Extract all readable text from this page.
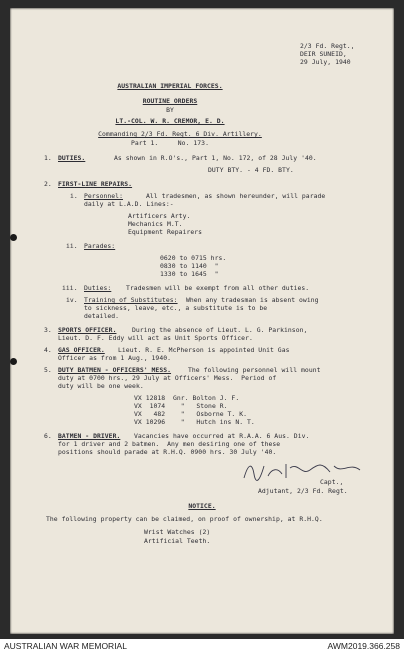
2/3 Fd. Regt.,
DEIR SUNEID,
29 July, 1940
AUSTRALIAN IMPERIAL FORCES.
ROUTINE ORDERS
BY
LT.-COL. W. R. CREMOR, E. D.
Commanding 2/3 Fd. Regt. 6 Div. Artillery.
Part 1.     No. 173.
1. DUTIES.	As shown in R.O's., Part 1, No. 172, of 28 July '40.
DUTY BTY. - 4 FD. BTY.
2. FIRST-LINE REPAIRS.
i. Personnel:	All tradesmen, as shown hereunder, will parade
daily at L.A.D. Lines:-
Artificers Arty.
Mechanics M.T.
Equipment Repairers
ii. Parades:
0620 to 0715 hrs.
0830 to 1140  "
1330 to 1645  "
iii. Duties: Tradesmen will be exempt from all other duties.
iv. Training of Substitutes: When any tradesman is absent owing
to sickness, leave, etc., a substitute is to be
detailed.
3. SPORTS OFFICER. During the absence of Lieut. L. G. Parkinson,
Lieut. D. F. Eddy will act as Unit Sports Officer.
4. GAS OFFICER. Lieut. R. E. McPherson is appointed Unit Gas
Officer as from 1 Aug., 1940.
5. DUTY BATMEN - OFFICERS' MESS.	The following personnel will mount
duty at 0700 hrs., 29 July at Officers' Mess.  Period of
duty will be one week.
VX 12818  Gnr. Bolton J. F.
VX  1074    "   Stone R.
VX   482    "   Osborne T. K.
VX 10296    "   Hutch ins N. T.
6. BATMEN - DRIVER. Vacancies have occurred at R.A.A. 6 Aus. Div.
for 1 driver and 2 batmen.  Any men desiring one of these
positions should parade at R.H.Q. 0900 hrs. 30 July '40.
Capt.,
Adjutant, 2/3 Fd. Regt.
NOTICE.
The following property can be claimed, on proof of ownership, at R.H.Q.
Wrist Watches (2)
Artificial Teeth.
AUSTRALIAN WAR MEMORIAL	AWM2019.366.258
